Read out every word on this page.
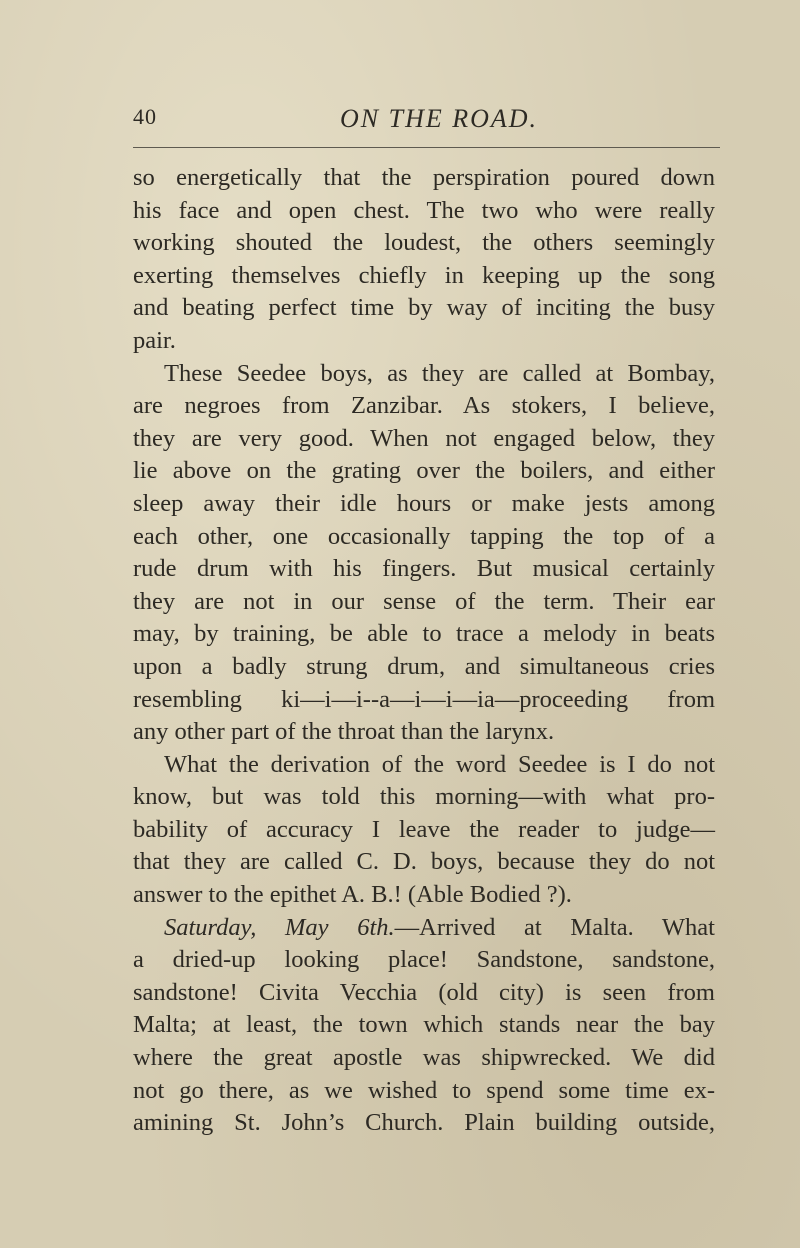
40	ON THE ROAD.
so energetically that the perspiration poured down
his face and open chest. The two who were really
working shouted the loudest, the others seemingly
exerting themselves chiefly in keeping up the song
and beating perfect time by way of inciting the busy
pair.
These Seedee boys, as they are called at Bombay,
are negroes from Zanzibar. As stokers, I believe,
they are very good. When not engaged below, they
lie above on the grating over the boilers, and either
sleep away their idle hours or make jests among
each other, one occasionally tapping the top of a
rude drum with his fingers. But musical certainly
they are not in our sense of the term. Their ear
may, by training, be able to trace a melody in beats
upon a badly strung drum, and simultaneous cries
resembling ki—i—i--a—i—i—ia—proceeding from
any other part of the throat than the larynx.
What the derivation of the word Seedee is I do not
know, but was told this morning—with what pro-
bability of accuracy I leave the reader to judge—
that they are called C. D. boys, because they do not
answer to the epithet A. B.! (Able Bodied ?).
Saturday, May 6th.—Arrived at Malta. What
a dried-up looking place! Sandstone, sandstone,
sandstone! Civita Vecchia (old city) is seen from
Malta; at least, the town which stands near the bay
where the great apostle was shipwrecked. We did
not go there, as we wished to spend some time ex-
amining St. John’s Church. Plain building outside,
